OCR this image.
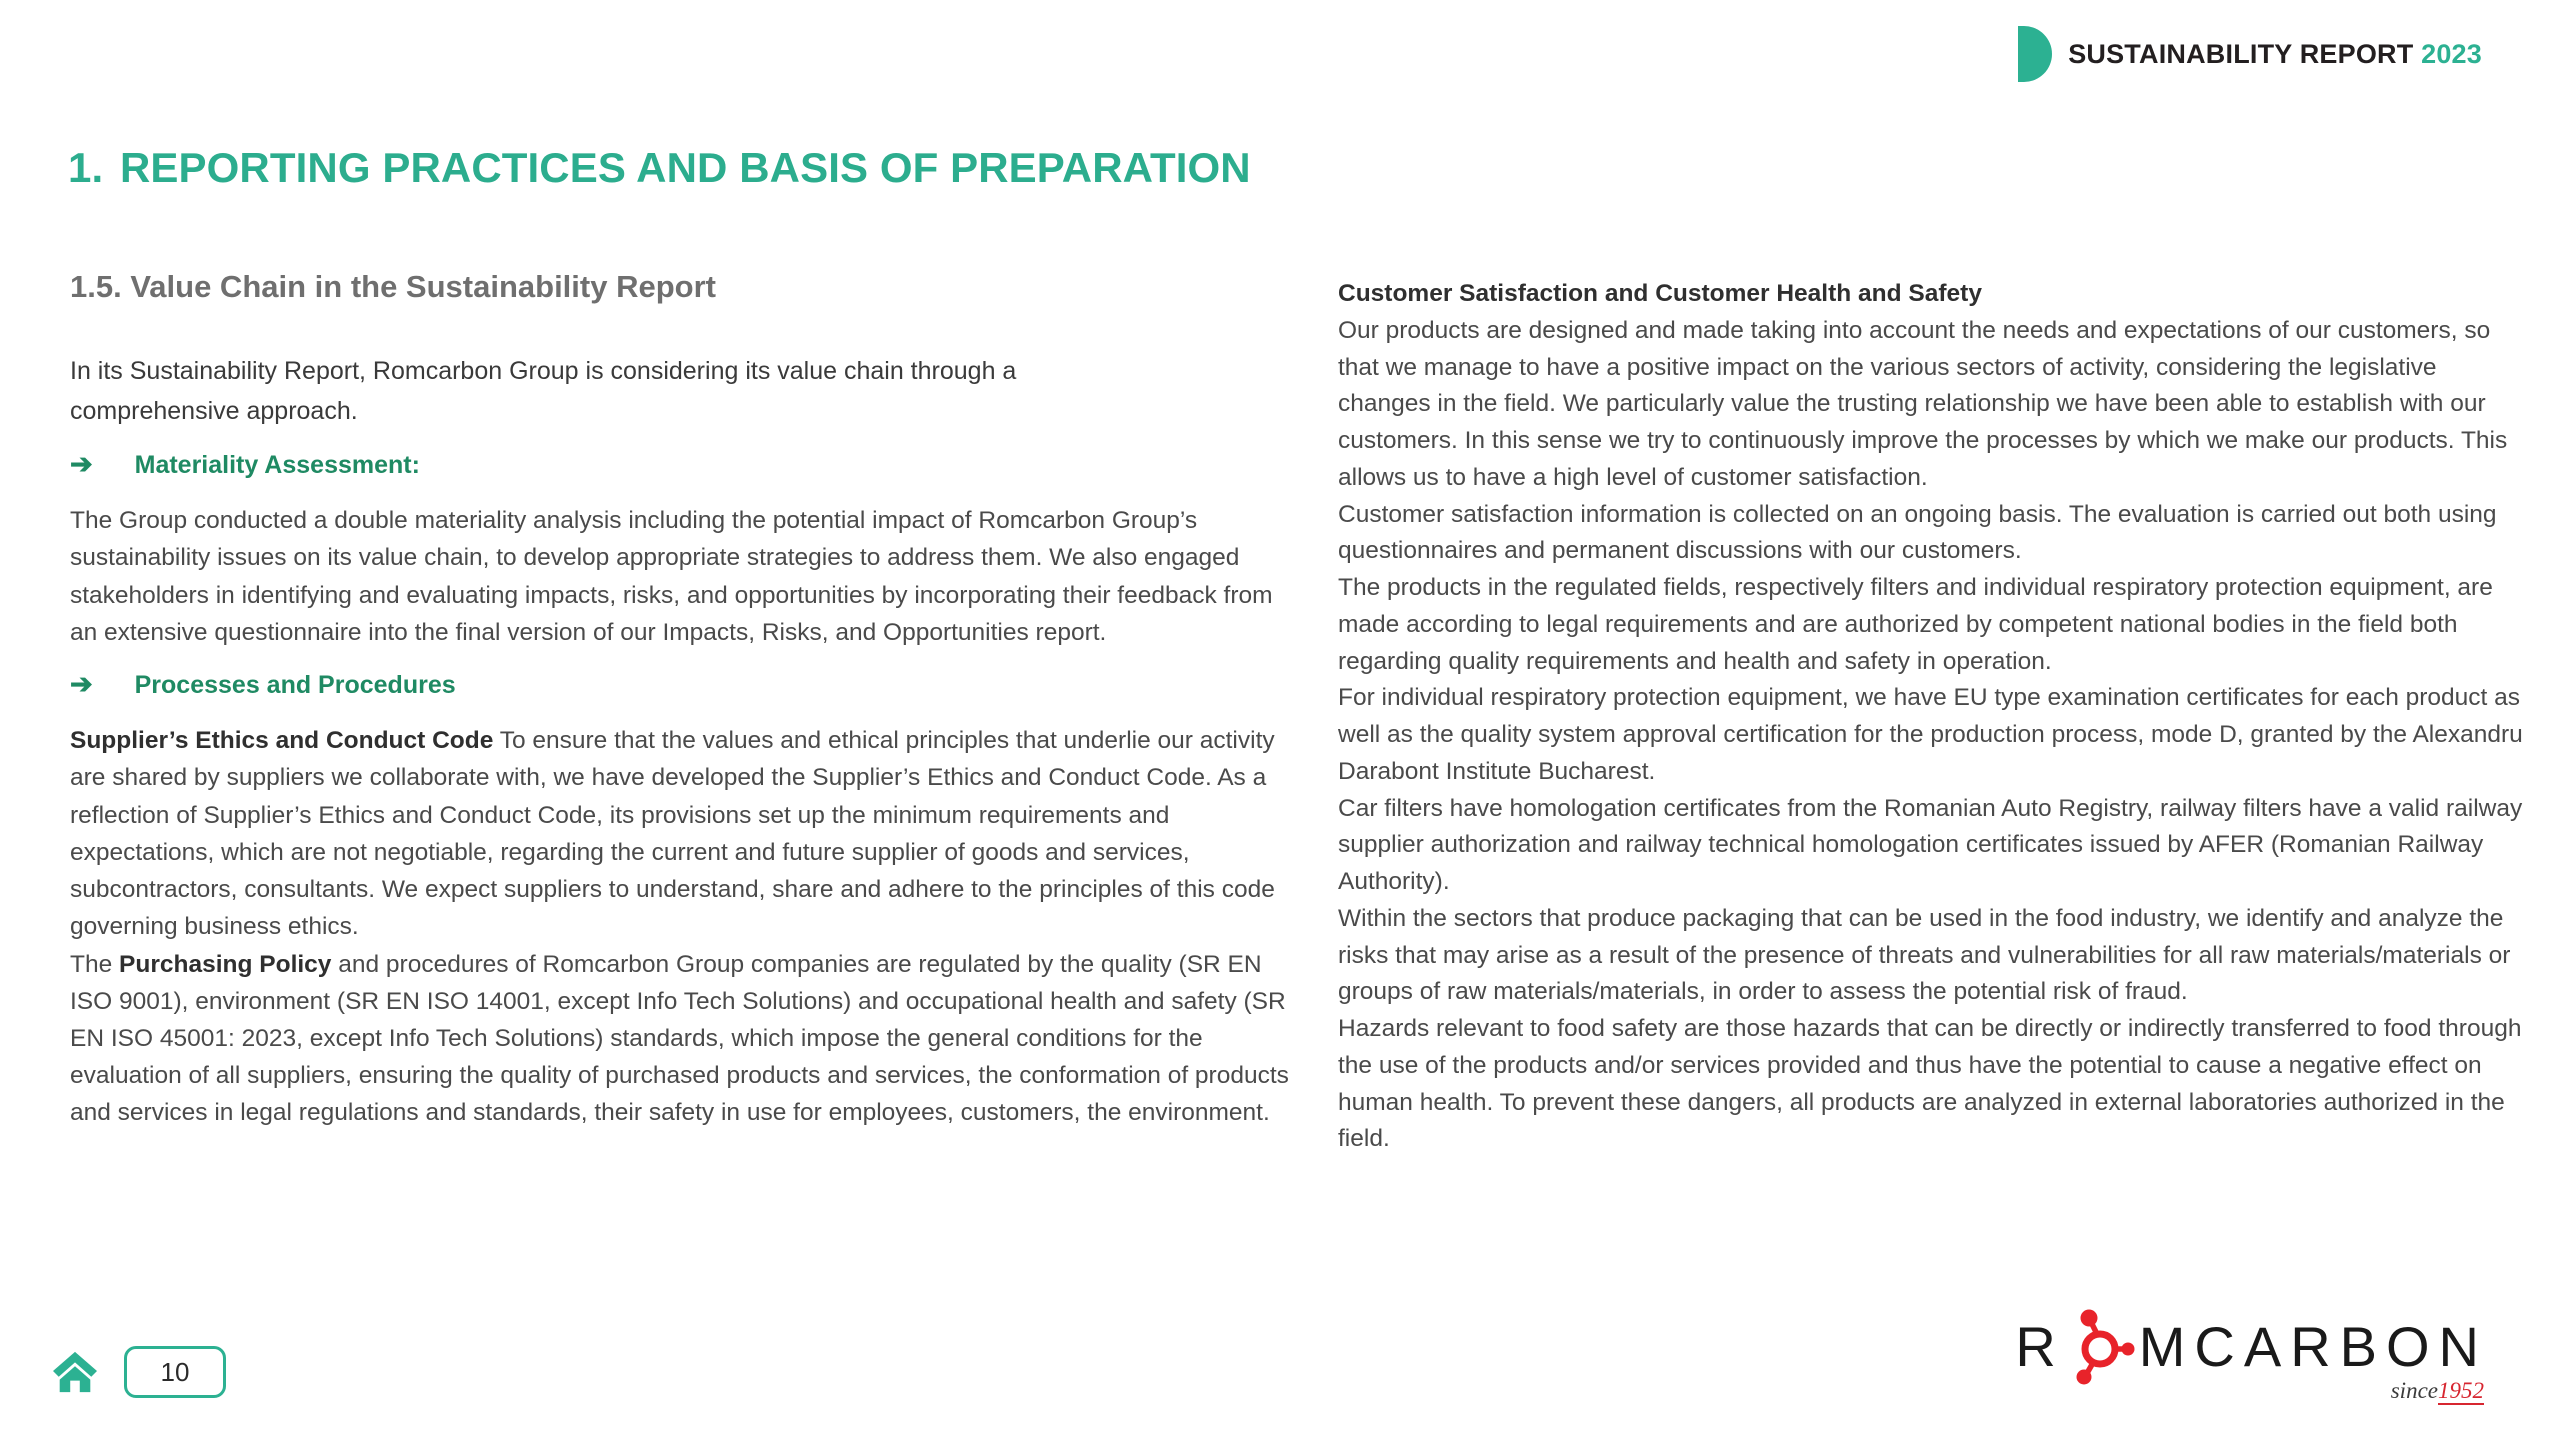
SUSTAINABILITY REPORT 2023
1. REPORTING PRACTICES AND BASIS OF PREPARATION
1.5. Value Chain in the Sustainability Report

In its Sustainability Report, Romcarbon Group is considering its value chain through a comprehensive approach.

➔ Materiality Assessment:

The Group conducted a double materiality analysis including the potential impact of Romcarbon Group’s sustainability issues on its value chain, to develop appropriate strategies to address them. We also engaged stakeholders in identifying and evaluating impacts, risks, and opportunities by incorporating their feedback from an extensive questionnaire into the final version of our Impacts, Risks, and Opportunities report.

➔ Processes and Procedures

Supplier’s Ethics and Conduct Code To ensure that the values and ethical principles that underlie our activity are shared by suppliers we collaborate with, we have developed the Supplier’s Ethics and Conduct Code. As a reflection of Supplier’s Ethics and Conduct Code, its provisions set up the minimum requirements and expectations, which are not negotiable, regarding the current and future supplier of goods and services, subcontractors, consultants. We expect suppliers to understand, share and adhere to the principles of this code governing business ethics.

The Purchasing Policy and procedures of Romcarbon Group companies are regulated by the quality (SR EN ISO 9001), environment (SR EN ISO 14001, except Info Tech Solutions) and occupational health and safety (SR EN ISO 45001: 2023, except Info Tech Solutions) standards, which impose the general conditions for the evaluation of all suppliers, ensuring the quality of purchased products and services, the conformation of products and services in legal regulations and standards, their safety in use for employees, customers, the environment.

Customer Satisfaction and Customer Health and Safety

Our products are designed and made taking into account the needs and expectations of our customers, so that we manage to have a positive impact on the various sectors of activity, considering the legislative changes in the field. We particularly value the trusting relationship we have been able to establish with our customers. In this sense we try to continuously improve the processes by which we make our products. This allows us to have a high level of customer satisfaction.

Customer satisfaction information is collected on an ongoing basis. The evaluation is carried out both using questionnaires and permanent discussions with our customers.

The products in the regulated fields, respectively filters and individual respiratory protection equipment, are made according to legal requirements and are authorized by competent national bodies in the field both regarding quality requirements and health and safety in operation.

For individual respiratory protection equipment, we have EU type examination certificates for each product as well as the quality system approval certification for the production process, mode D, granted by the Alexandru Darabont Institute Bucharest.

Car filters have homologation certificates from the Romanian Auto Registry, railway filters have a valid railway supplier authorization and railway technical homologation certificates issued by AFER (Romanian Railway Authority).

Within the sectors that produce packaging that can be used in the food industry, we identify and analyze the risks that may arise as a result of the presence of threats and vulnerabilities for all raw materials/materials or groups of raw materials/materials, in order to assess the potential risk of fraud.

Hazards relevant to food safety are those hazards that can be directly or indirectly transferred to food through the use of the products and/or services provided and thus have the potential to cause a negative effect on human health. To prevent these dangers, all products are analyzed in external laboratories authorized in the field.

10	R MCARBON
since1952
